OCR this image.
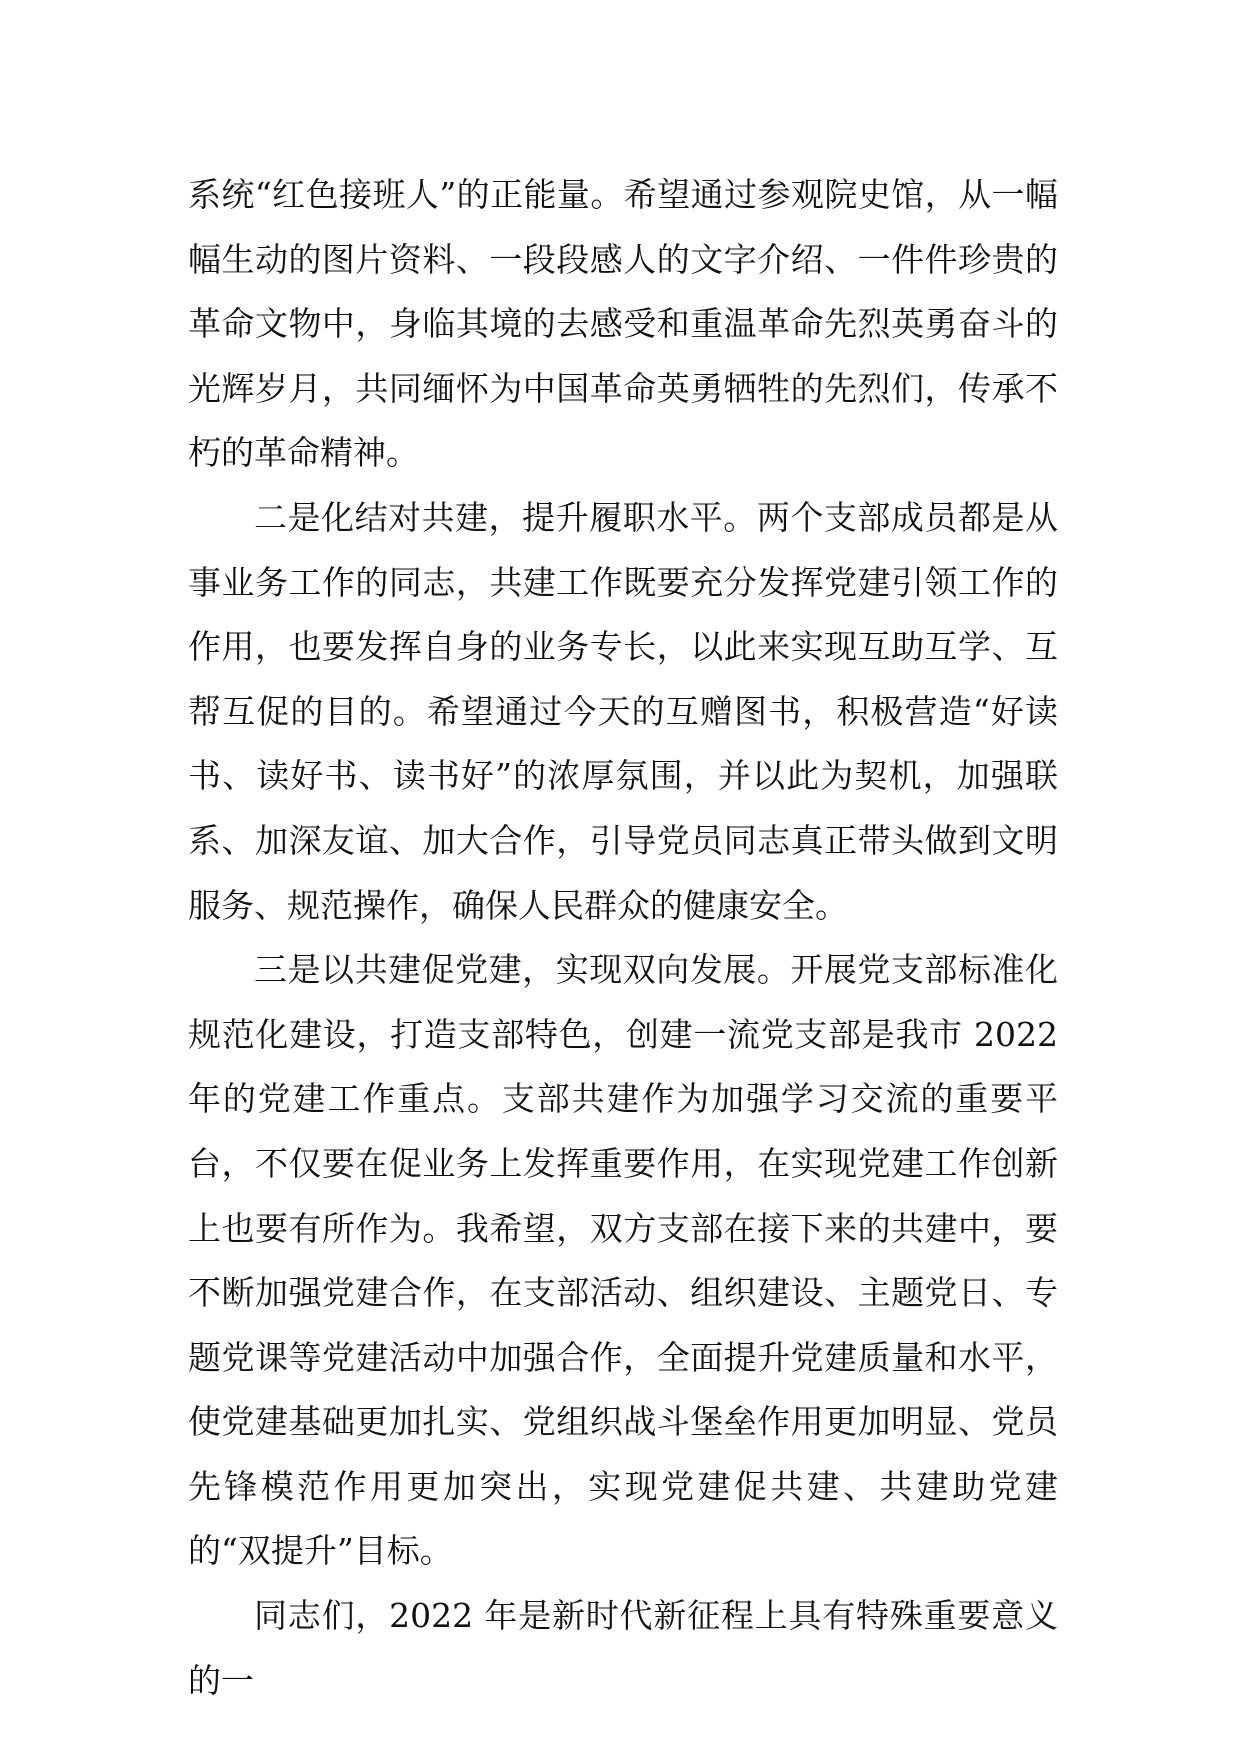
系统“红色接班人”的正能量。希望通过参观院史馆，从一幅幅生动的图片资料、一段段感人的文字介绍、一件件珍贵的革命文物中，身临其境的去感受和重温革命先烈英勇奋斗的光辉岁月，共同缅怀为中国革命英勇牺牲的先烈们，传承不朽的革命精神。

二是化结对共建，提升履职水平。两个支部成员都是从事业务工作的同志，共建工作既要充分发挥党建引领工作的作用，也要发挥自身的业务专长，以此来实现互助互学、互帮互促的目的。希望通过今天的互赠图书，积极营造“好读书、读好书、读书好”的浓厚氛围，并以此为契机，加强联系、加深友谊、加大合作，引导党员同志真正带头做到文明服务、规范操作，确保人民群众的健康安全。

三是以共建促党建，实现双向发展。开展党支部标准化规范化建设，打造支部特色，创建一流党支部是我市 2022 年的党建工作重点。支部共建作为加强学习交流的重要平台，不仅要在促业务上发挥重要作用，在实现党建工作创新上也要有所作为。我希望，双方支部在接下来的共建中，要不断加强党建合作，在支部活动、组织建设、主题党日、专题党课等党建活动中加强合作，全面提升党建质量和水平，使党建基础更加扎实、党组织战斗堡垒作用更加明显、党员先锋模范作用更加突出，实现党建促共建、共建助党建的“双提升”目标。

同志们，2022 年是新时代新征程上具有特殊重要意义的一
